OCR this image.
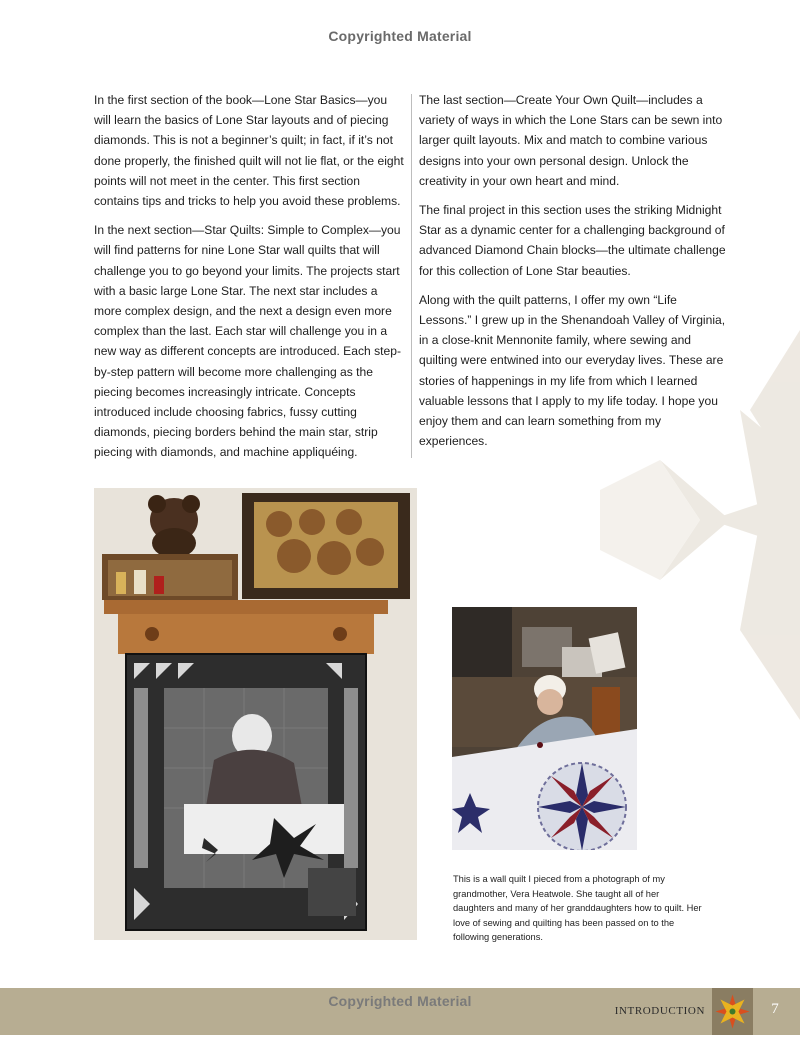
Copyrighted Material

In the first section of the book—Lone Star Basics—you will learn the basics of Lone Star layouts and of piecing diamonds. This is not a beginner’s quilt; in fact, if it’s not done properly, the finished quilt will not lie flat, or the eight points will not meet in the center. This first section contains tips and tricks to help you avoid these problems.

In the next section—Star Quilts: Simple to Complex—you will find patterns for nine Lone Star wall quilts that will challenge you to go beyond your limits. The projects start with a basic large Lone Star. The next star includes a more complex design, and the next a design even more complex than the last. Each star will challenge you in a new way as different concepts are introduced. Each step-by-step pattern will become more challenging as the piecing becomes increasingly intricate. Concepts introduced include choosing fabrics, fussy cutting diamonds, piecing borders behind the main star, strip piecing with diamonds, and machine appliquéing.

The last section—Create Your Own Quilt—includes a variety of ways in which the Lone Stars can be sewn into larger quilt layouts. Mix and match to combine various designs into your own personal design. Unlock the creativity in your own heart and mind.

The final project in this section uses the striking Midnight Star as a dynamic center for a challenging background of advanced Diamond Chain blocks—the ultimate challenge for this collection of Lone Star beauties.

Along with the quilt patterns, I offer my own “Life Lessons.” I grew up in the Shenandoah Valley of Virginia, in a close-knit Mennonite family, where sewing and quilting were entwined into our everyday lives. These are stories of happenings in my life from which I learned valuable lessons that I apply to my life today. I hope you enjoy them and can learn something from my experiences.

This is a wall quilt I pieced from a photograph of my grandmother, Vera Heatwole. She taught all of her daughters and many of her granddaughters how to quilt. Her love of sewing and quilting has been passed on to the following generations.
INTRODUCTION	7
Copyrighted Material
